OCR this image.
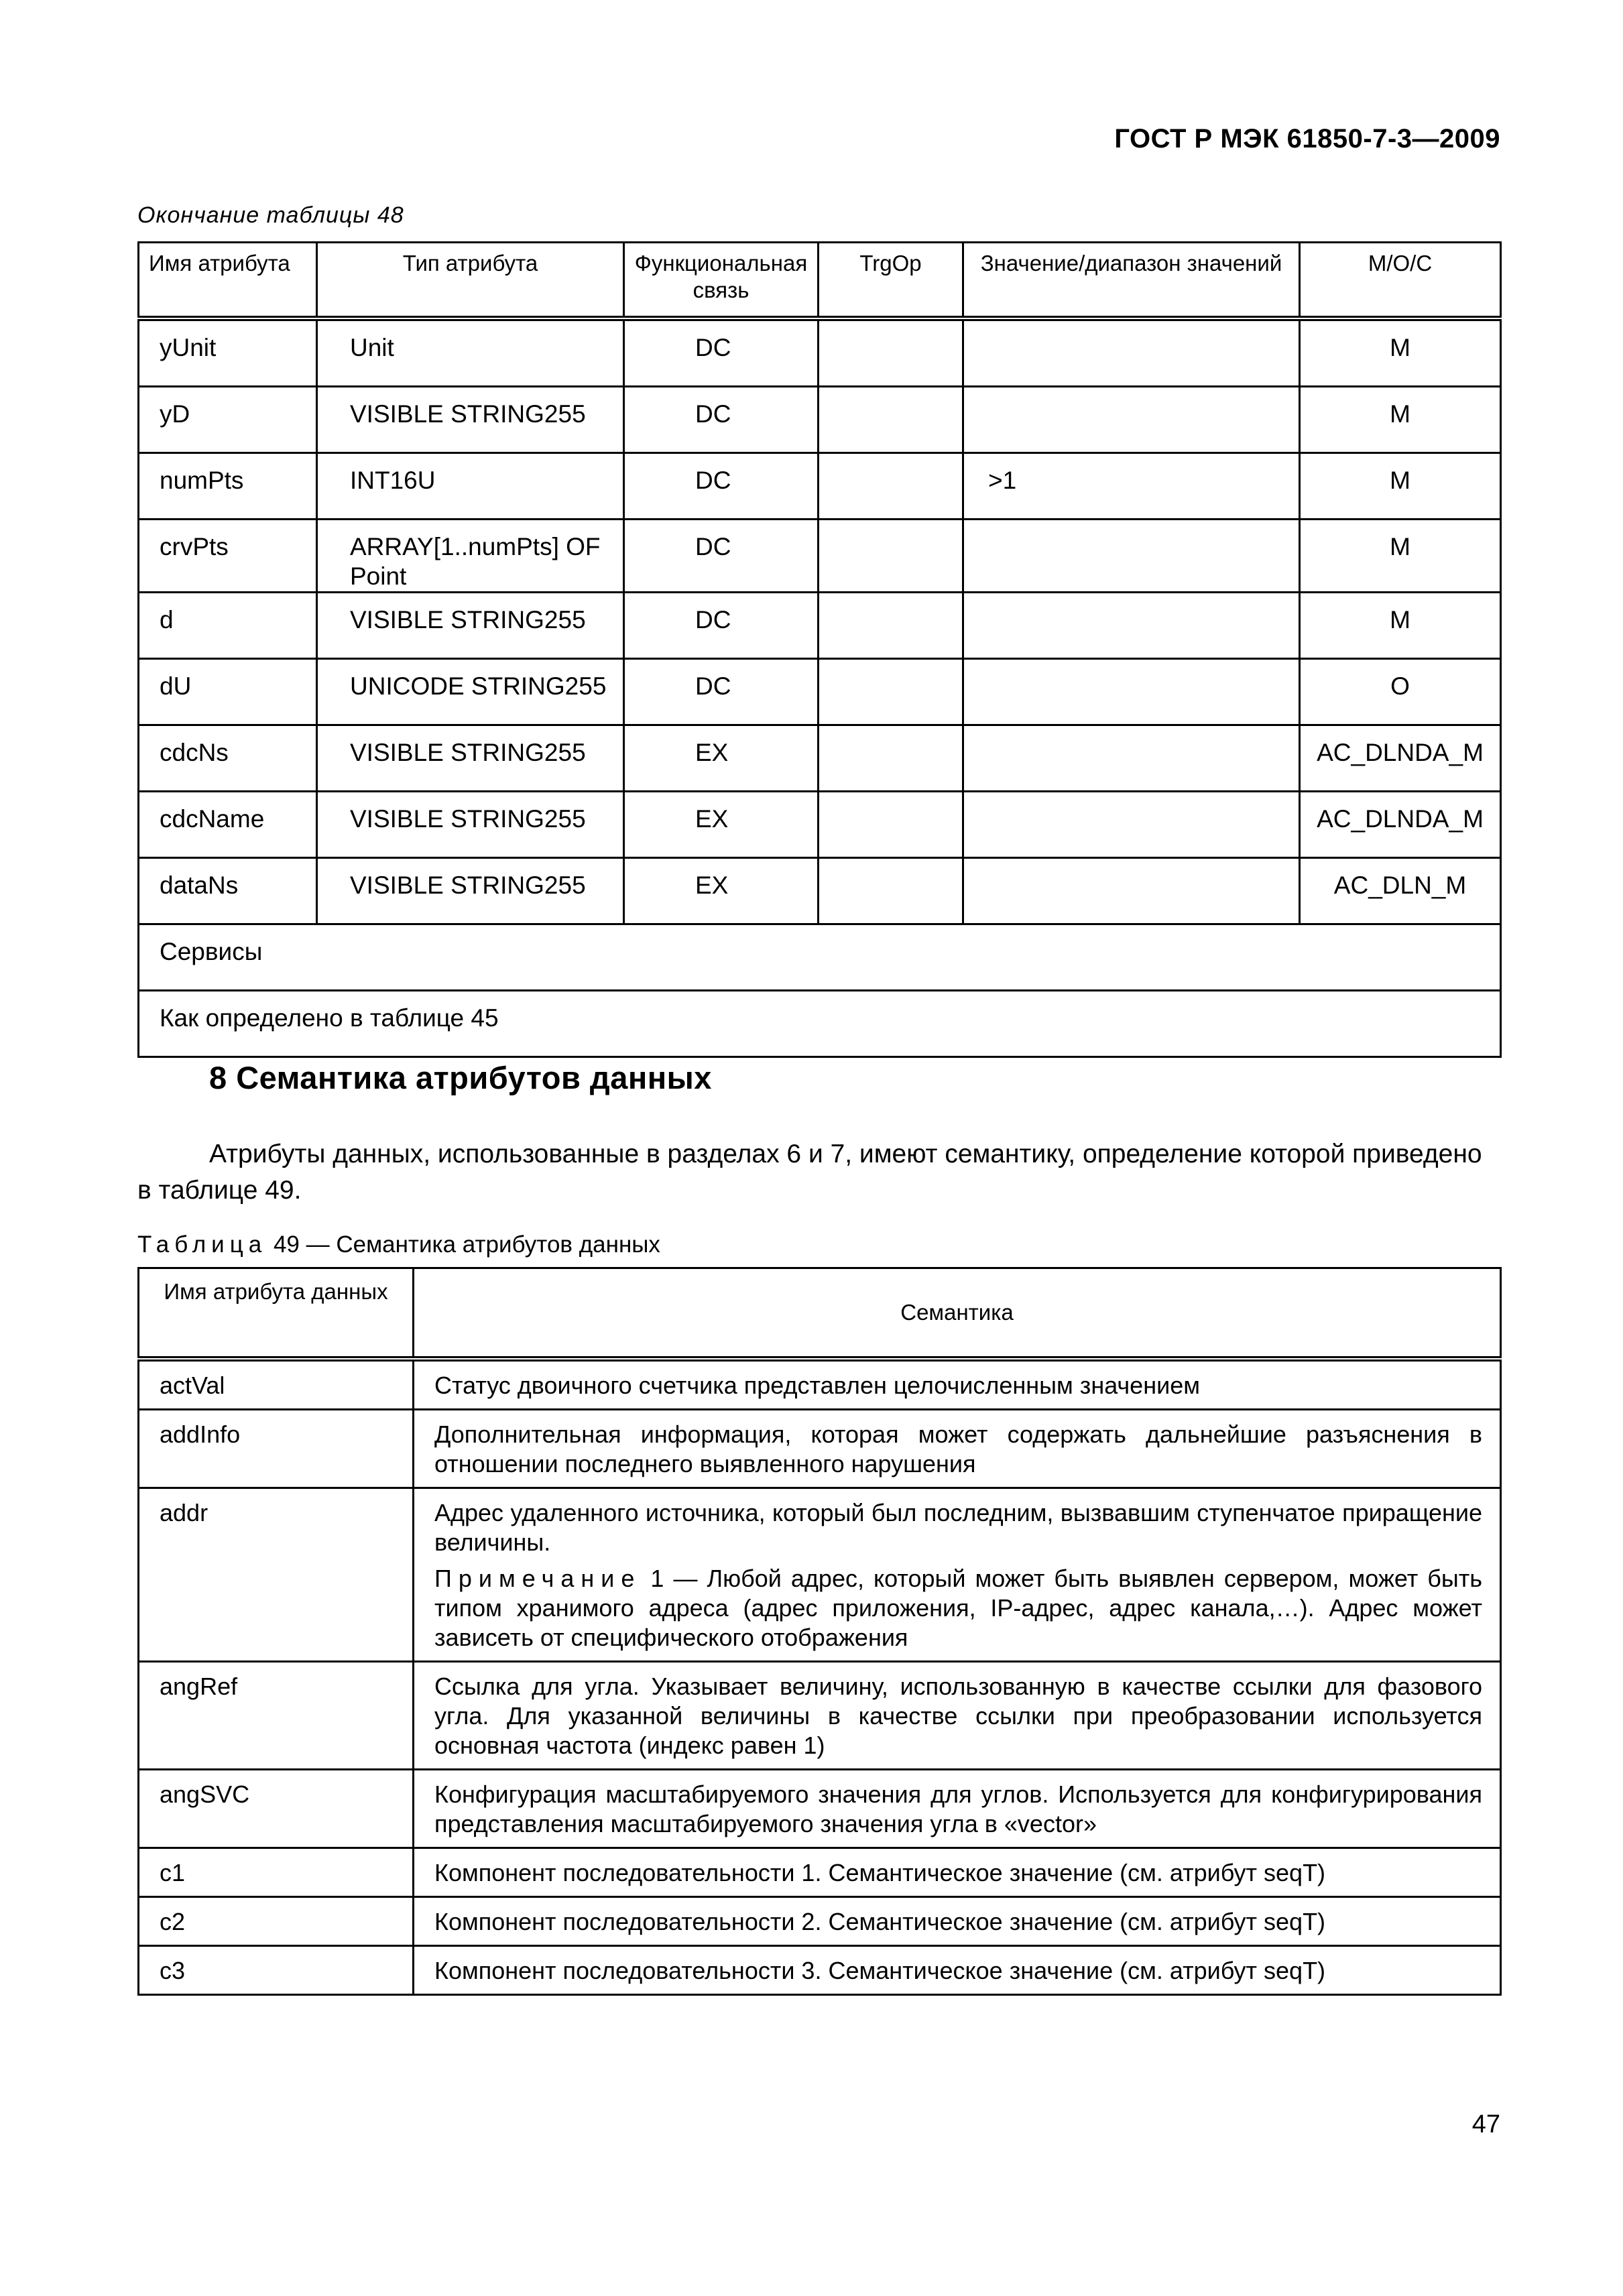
ГОСТ Р МЭК 61850-7-3—2009
Окончание таблицы 48
Имя атрибута	Тип атрибута	Функциональная связь	TrgOp	Значение/диапазон значений	M/O/C
yUnit	Unit	DC			M
yD	VISIBLE STRING255	DC			M
numPts	INT16U	DC		>1	M
crvPts	ARRAY[1..numPts] OF Point	DC			M
d	VISIBLE STRING255	DC			M
dU	UNICODE STRING255	DC			O
cdcNs	VISIBLE STRING255	EX			AC_DLNDA_M
cdcName	VISIBLE STRING255	EX			AC_DLNDA_M
dataNs	VISIBLE STRING255	EX			AC_DLN_M
Сервисы					
Как определено в таблице 45					
8 Семантика атрибутов данных
Атрибуты данных, использованные в разделах 6 и 7, имеют семантику, определение которой приведено в таблице 49.
Таблица 49 — Семантика атрибутов данных
Имя атрибута данных	Семантика
actVal	Статус двоичного счетчика представлен целочисленным значением

addInfo	Дополнительная информация, которая может содержать дальнейшие разъяснения в отношении последнего выявленного нарушения

addr	Адрес удаленного источника, который был последним, вызвавшим ступенчатое приращение величины.
Примечание 1 — Любой адрес, который может быть выявлен сервером, может быть типом хранимого адреса (адрес приложения, IP-адрес, адрес канала,…). Адрес может зависеть от специфического отображения

angRef	Ссылка для угла. Указывает величину, использованную в качестве ссылки для фазового угла. Для указанной величины в качестве ссылки при преобразовании используется основная частота (индекс равен 1)

angSVC	Конфигурация масштабируемого значения для углов. Используется для конфигурирования представления масштабируемого значения угла в «vector»

c1	Компонент последовательности 1. Семантическое значение (см. атрибут seqT)

c2	Компонент последовательности 2. Семантическое значение (см. атрибут seqT)

c3	Компонент последовательности 3. Семантическое значение (см. атрибут seqT)
47
